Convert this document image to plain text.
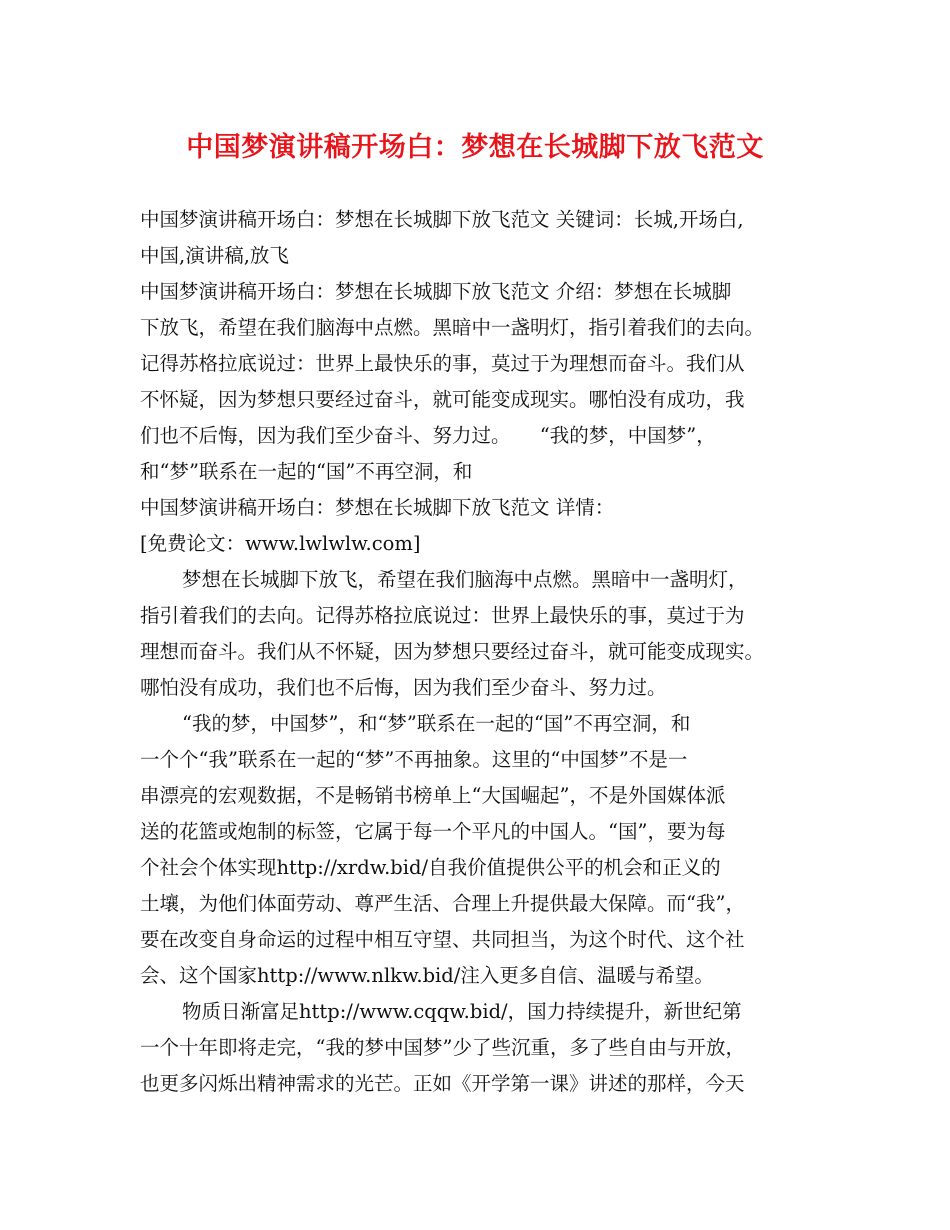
中国梦演讲稿开场白：梦想在长城脚下放飞范文
中国梦演讲稿开场白：梦想在长城脚下放飞范文 关键词：长城,开场白,
中国,演讲稿,放飞
中国梦演讲稿开场白：梦想在长城脚下放飞范文 介绍：梦想在长城脚
下放飞，希望在我们脑海中点燃。黑暗中一盏明灯，指引着我们的去向。
记得苏格拉底说过：世界上最快乐的事，莫过于为理想而奋斗。我们从
不怀疑，因为梦想只要经过奋斗，就可能变成现实。哪怕没有成功，我
们也不后悔，因为我们至少奋斗、努力过。　　“我的梦，中国梦”，
和“梦”联系在一起的“国”不再空洞，和
中国梦演讲稿开场白：梦想在长城脚下放飞范文 详情：
[免费论文：www.lwlwlw.com]
梦想在长城脚下放飞，希望在我们脑海中点燃。黑暗中一盏明灯，
指引着我们的去向。记得苏格拉底说过：世界上最快乐的事，莫过于为
理想而奋斗。我们从不怀疑，因为梦想只要经过奋斗，就可能变成现实。
哪怕没有成功，我们也不后悔，因为我们至少奋斗、努力过。
“我的梦，中国梦”，和“梦”联系在一起的“国”不再空洞，和
一个个“我”联系在一起的“梦”不再抽象。这里的“中国梦”不是一
串漂亮的宏观数据，不是畅销书榜单上“大国崛起”，不是外国媒体派
送的花篮或炮制的标签，它属于每一个平凡的中国人。“国”，要为每
个社会个体实现http://xrdw.bid/自我价值提供公平的机会和正义的
土壤，为他们体面劳动、尊严生活、合理上升提供最大保障。而“我”，
要在改变自身命运的过程中相互守望、共同担当，为这个时代、这个社
会、这个国家http://www.nlkw.bid/注入更多自信、温暖与希望。
物质日渐富足http://www.cqqw.bid/，国力持续提升，新世纪第
一个十年即将走完，“我的梦中国梦”少了些沉重，多了些自由与开放，
也更多闪烁出精神需求的光芒。正如《开学第一课》讲述的那样，今天
